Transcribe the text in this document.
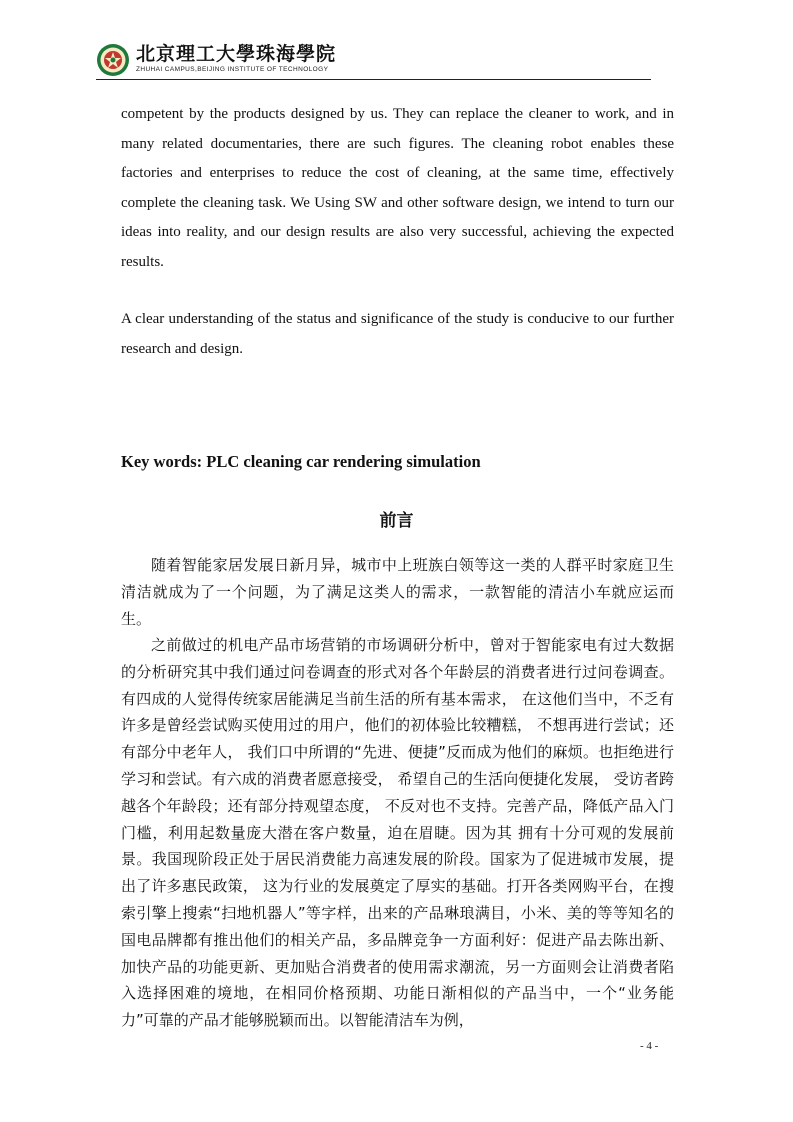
北京理工大學珠海學院
ZHUHAI CAMPUS,BEIJING INSTITUTE OF TECHNOLOGY

competent by the products designed by us. They can replace the cleaner to work, and in many related documentaries, there are such figures. The cleaning robot enables these factories and enterprises to reduce the cost of cleaning, at the same time, effectively complete the cleaning task. We Using SW and other software design, we intend to turn our ideas into reality, and our design results are also very successful, achieving the expected results.

A clear understanding of the status and significance of the study is conducive to our further research and design.

Key words: PLC cleaning car rendering simulation

前言

随着智能家居发展日新月异，城市中上班族白领等这一类的人群平时家庭卫生清洁就成为了一个问题，为了满足这类人的需求，一款智能的清洁小车就应运而生。

之前做过的机电产品市场营销的市场调研分析中，曾对于智能家电有过大数据的分析研究其中我们通过问卷调查的形式对各个年龄层的消费者进行过问卷调查。有四成的人觉得传统家居能满足当前生活的所有基本需求， 在这他们当中，不乏有许多是曾经尝试购买使用过的用户，他们的初体验比较糟糕， 不想再进行尝试；还有部分中老年人， 我们口中所谓的“先进、便捷”反而成为他们的麻烦。也拒绝进行学习和尝试。有六成的消费者愿意接受， 希望自己的生活向便捷化发展， 受访者跨越各个年龄段；还有部分持观望态度， 不反对也不支持。完善产品，降低产品入门门槛，利用起数量庞大潜在客户数量，迫在眉睫。因为其 拥有十分可观的发展前景。我国现阶段正处于居民消费能力高速发展的阶段。国家为了促进城市发展，提出了许多惠民政策， 这为行业的发展奠定了厚实的基础。打开各类网购平台，在搜索引擎上搜索“扫地机器人”等字样，出来的产品琳琅满目，小米、美的等等知名的国电品牌都有推出他们的相关产品，多品牌竞争一方面利好：促进产品去陈出新、加快产品的功能更新、更加贴合消费者的使用需求潮流，另一方面则会让消费者陷入选择困难的境地，在相同价格预期、功能日渐相似的产品当中，一个“业务能力”可靠的产品才能够脱颖而出。以智能清洁车为例，

- 4 -
